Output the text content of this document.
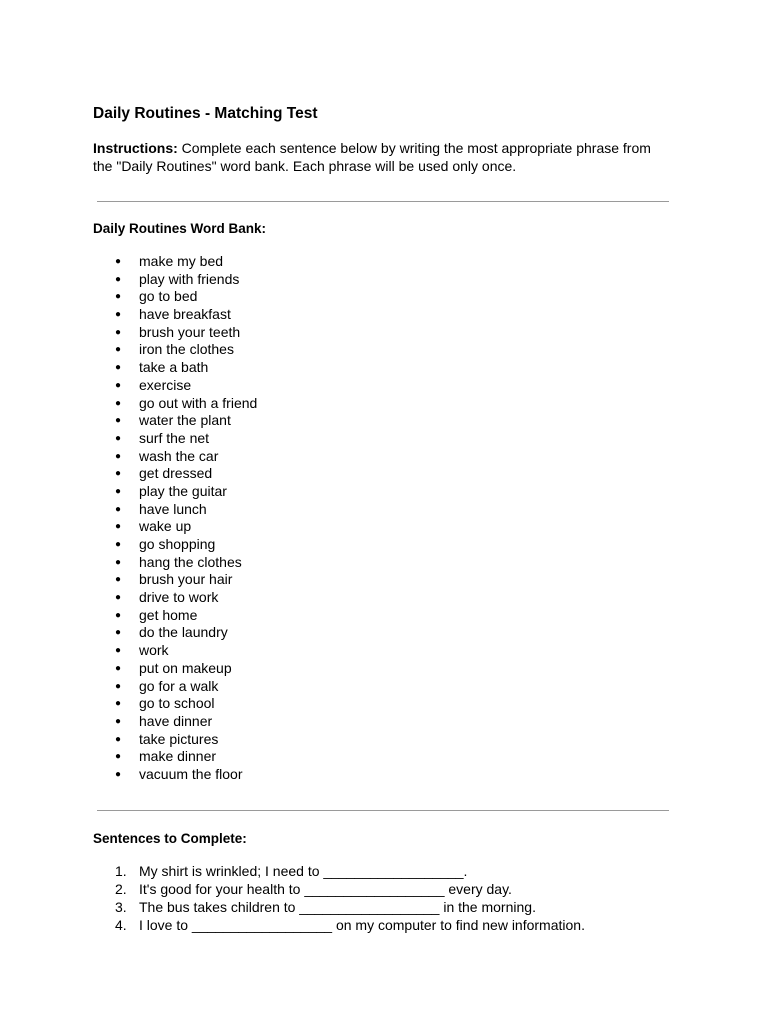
Daily Routines - Matching Test
Instructions: Complete each sentence below by writing the most appropriate phrase from the "Daily Routines" word bank. Each phrase will be used only once.
Daily Routines Word Bank:
● make my bed
● play with friends
● go to bed
● have breakfast
● brush your teeth
● iron the clothes
● take a bath
● exercise
● go out with a friend
● water the plant
● surf the net
● wash the car
● get dressed
● play the guitar
● have lunch
● wake up
● go shopping
● hang the clothes
● brush your hair
● drive to work
● get home
● do the laundry
● work
● put on makeup
● go for a walk
● go to school
● have dinner
● take pictures
● make dinner
● vacuum the floor
Sentences to Complete:
1. My shirt is wrinkled; I need to __________________.
2. It's good for your health to __________________ every day.
3. The bus takes children to __________________ in the morning.
4. I love to __________________ on my computer to find new information.
